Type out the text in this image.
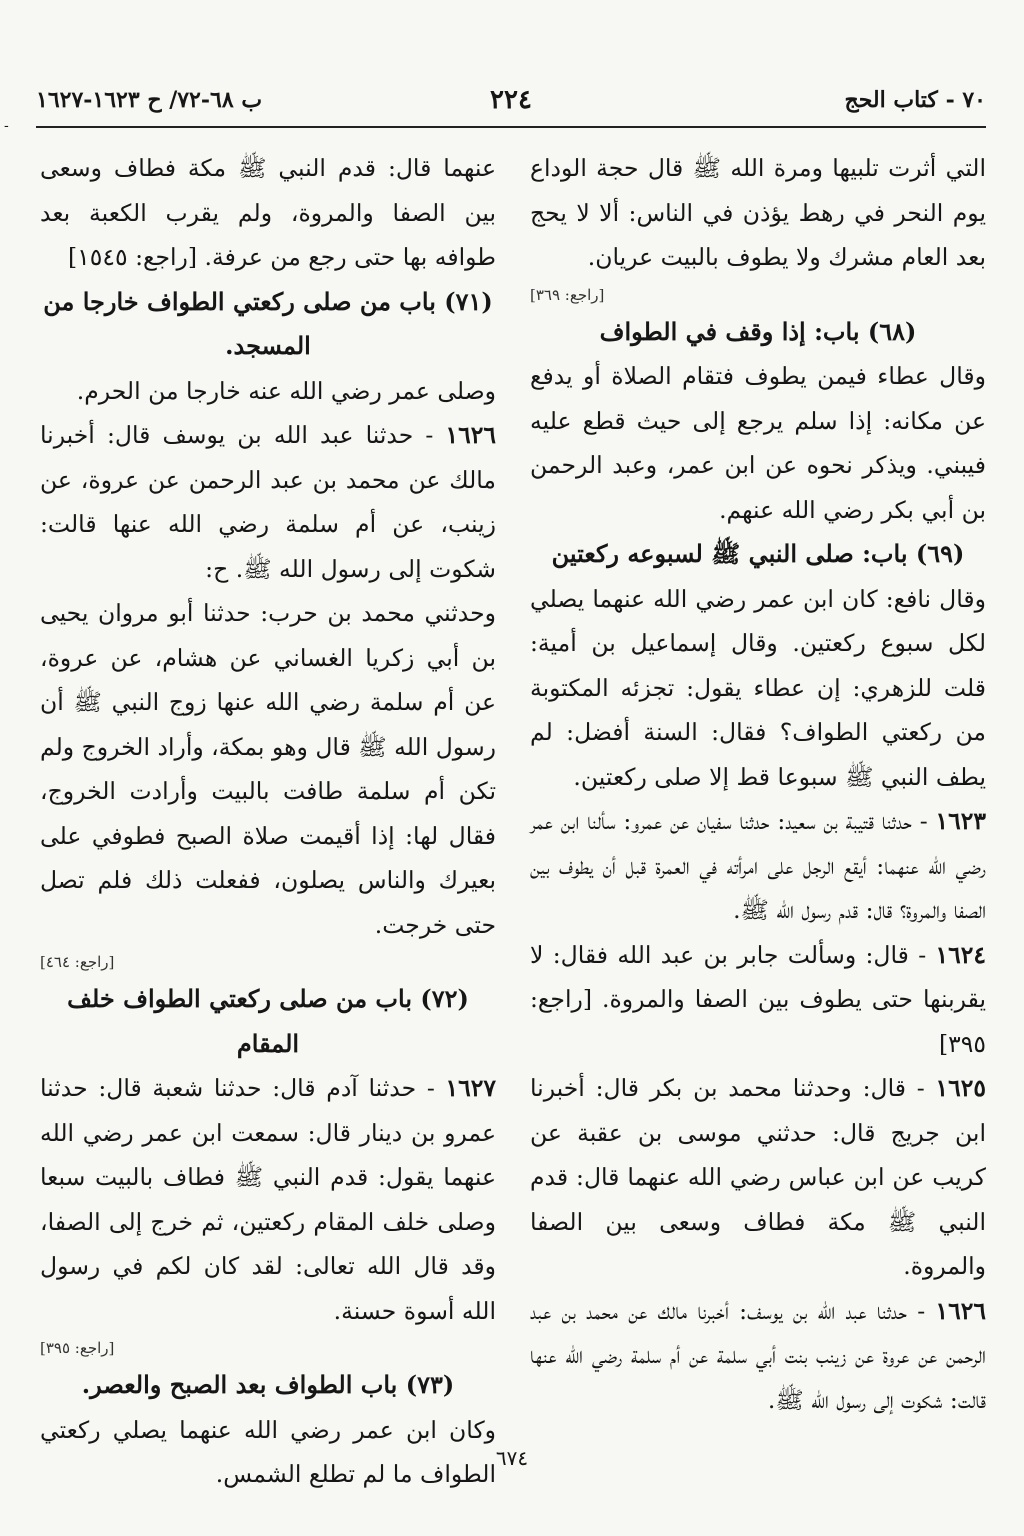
٧٠ - كتاب الحج
٢٢٤
ب ٦٨-٧٢/ ح ١٦٢٣-١٦٢٧
-

التي أثرت تلبيها ومرة الله ﷺ قال حجة الوداع يوم النحر في رهط يؤذن في الناس: ألا لا يحج بعد العام مشرك ولا يطوف بالبيت عريان.

[راجع: ٣٦٩]

(٦٨) باب: إذا وقف في الطواف

وقال عطاء فيمن يطوف فتقام الصلاة أو يدفع عن مكانه: إذا سلم يرجع إلى حيث قطع عليه فيبني. ويذكر نحوه عن ابن عمر، وعبد الرحمن بن أبي بكر رضي الله عنهم.

(٦٩) باب: صلى النبي ﷺ لسبوعه ركعتين

وقال نافع: كان ابن عمر رضي الله عنهما يصلي لكل سبوع ركعتين. وقال إسماعيل بن أمية: قلت للزهري: إن عطاء يقول: تجزئه المكتوبة من ركعتي الطواف؟ فقال: السنة أفضل: لم يطف النبي ﷺ سبوعا قط إلا صلى ركعتين.

١٦٢٣ - حدثنا قتيبة بن سعيد: حدثنا سفيان عن عمرو: سألنا ابن عمر رضي الله عنهما: أيقع الرجل على امرأته في العمرة قبل أن يطوف بين الصفا والمروة؟ قال: قدم رسول الله ﷺ.

١٦٢٤ - قال: وسألت جابر بن عبد الله فقال: لا يقربنها حتى يطوف بين الصفا والمروة. [راجع: ٣٩٥]

١٦٢٥ - قال: وحدثنا محمد بن بكر قال: أخبرنا ابن جريج قال: حدثني موسى بن عقبة عن كريب عن ابن عباس رضي الله عنهما قال: قدم النبي ﷺ مكة فطاف وسعى بين الصفا والمروة.

١٦٢٦ - حدثنا عبد الله بن يوسف: أخبرنا مالك عن محمد بن عبد الرحمن عن عروة عن زينب بنت أبي سلمة عن أم سلمة رضي الله عنها قالت: شكوت إلى رسول الله ﷺ.

عنهما قال: قدم النبي ﷺ مكة فطاف وسعى بين الصفا والمروة، ولم يقرب الكعبة بعد طوافه بها حتى رجع من عرفة. [راجع: ١٥٤٥]

(٧١) باب من صلى ركعتي الطواف خارجا من المسجد.

وصلى عمر رضي الله عنه خارجا من الحرم.

١٦٢٦ - حدثنا عبد الله بن يوسف قال: أخبرنا مالك عن محمد بن عبد الرحمن عن عروة، عن زينب، عن أم سلمة رضي الله عنها قالت: شكوت إلى رسول الله ﷺ. ح:

وحدثني محمد بن حرب: حدثنا أبو مروان يحيى بن أبي زكريا الغساني عن هشام، عن عروة، عن أم سلمة رضي الله عنها زوج النبي ﷺ أن رسول الله ﷺ قال وهو بمكة، وأراد الخروج ولم تكن أم سلمة طافت بالبيت وأرادت الخروج، فقال لها: إذا أقيمت صلاة الصبح فطوفي على بعيرك والناس يصلون، ففعلت ذلك فلم تصل حتى خرجت.

[راجع: ٤٦٤]

(٧٢) باب من صلى ركعتي الطواف خلف المقام

١٦٢٧ - حدثنا آدم قال: حدثنا شعبة قال: حدثنا عمرو بن دينار قال: سمعت ابن عمر رضي الله عنهما يقول: قدم النبي ﷺ فطاف بالبيت سبعا وصلى خلف المقام ركعتين، ثم خرج إلى الصفا، وقد قال الله تعالى: لقد كان لكم في رسول الله أسوة حسنة.

[راجع: ٣٩٥]

(٧٣) باب الطواف بعد الصبح والعصر.

وكان ابن عمر رضي الله عنهما يصلي ركعتي الطواف ما لم تطلع الشمس.

٦٧٤
